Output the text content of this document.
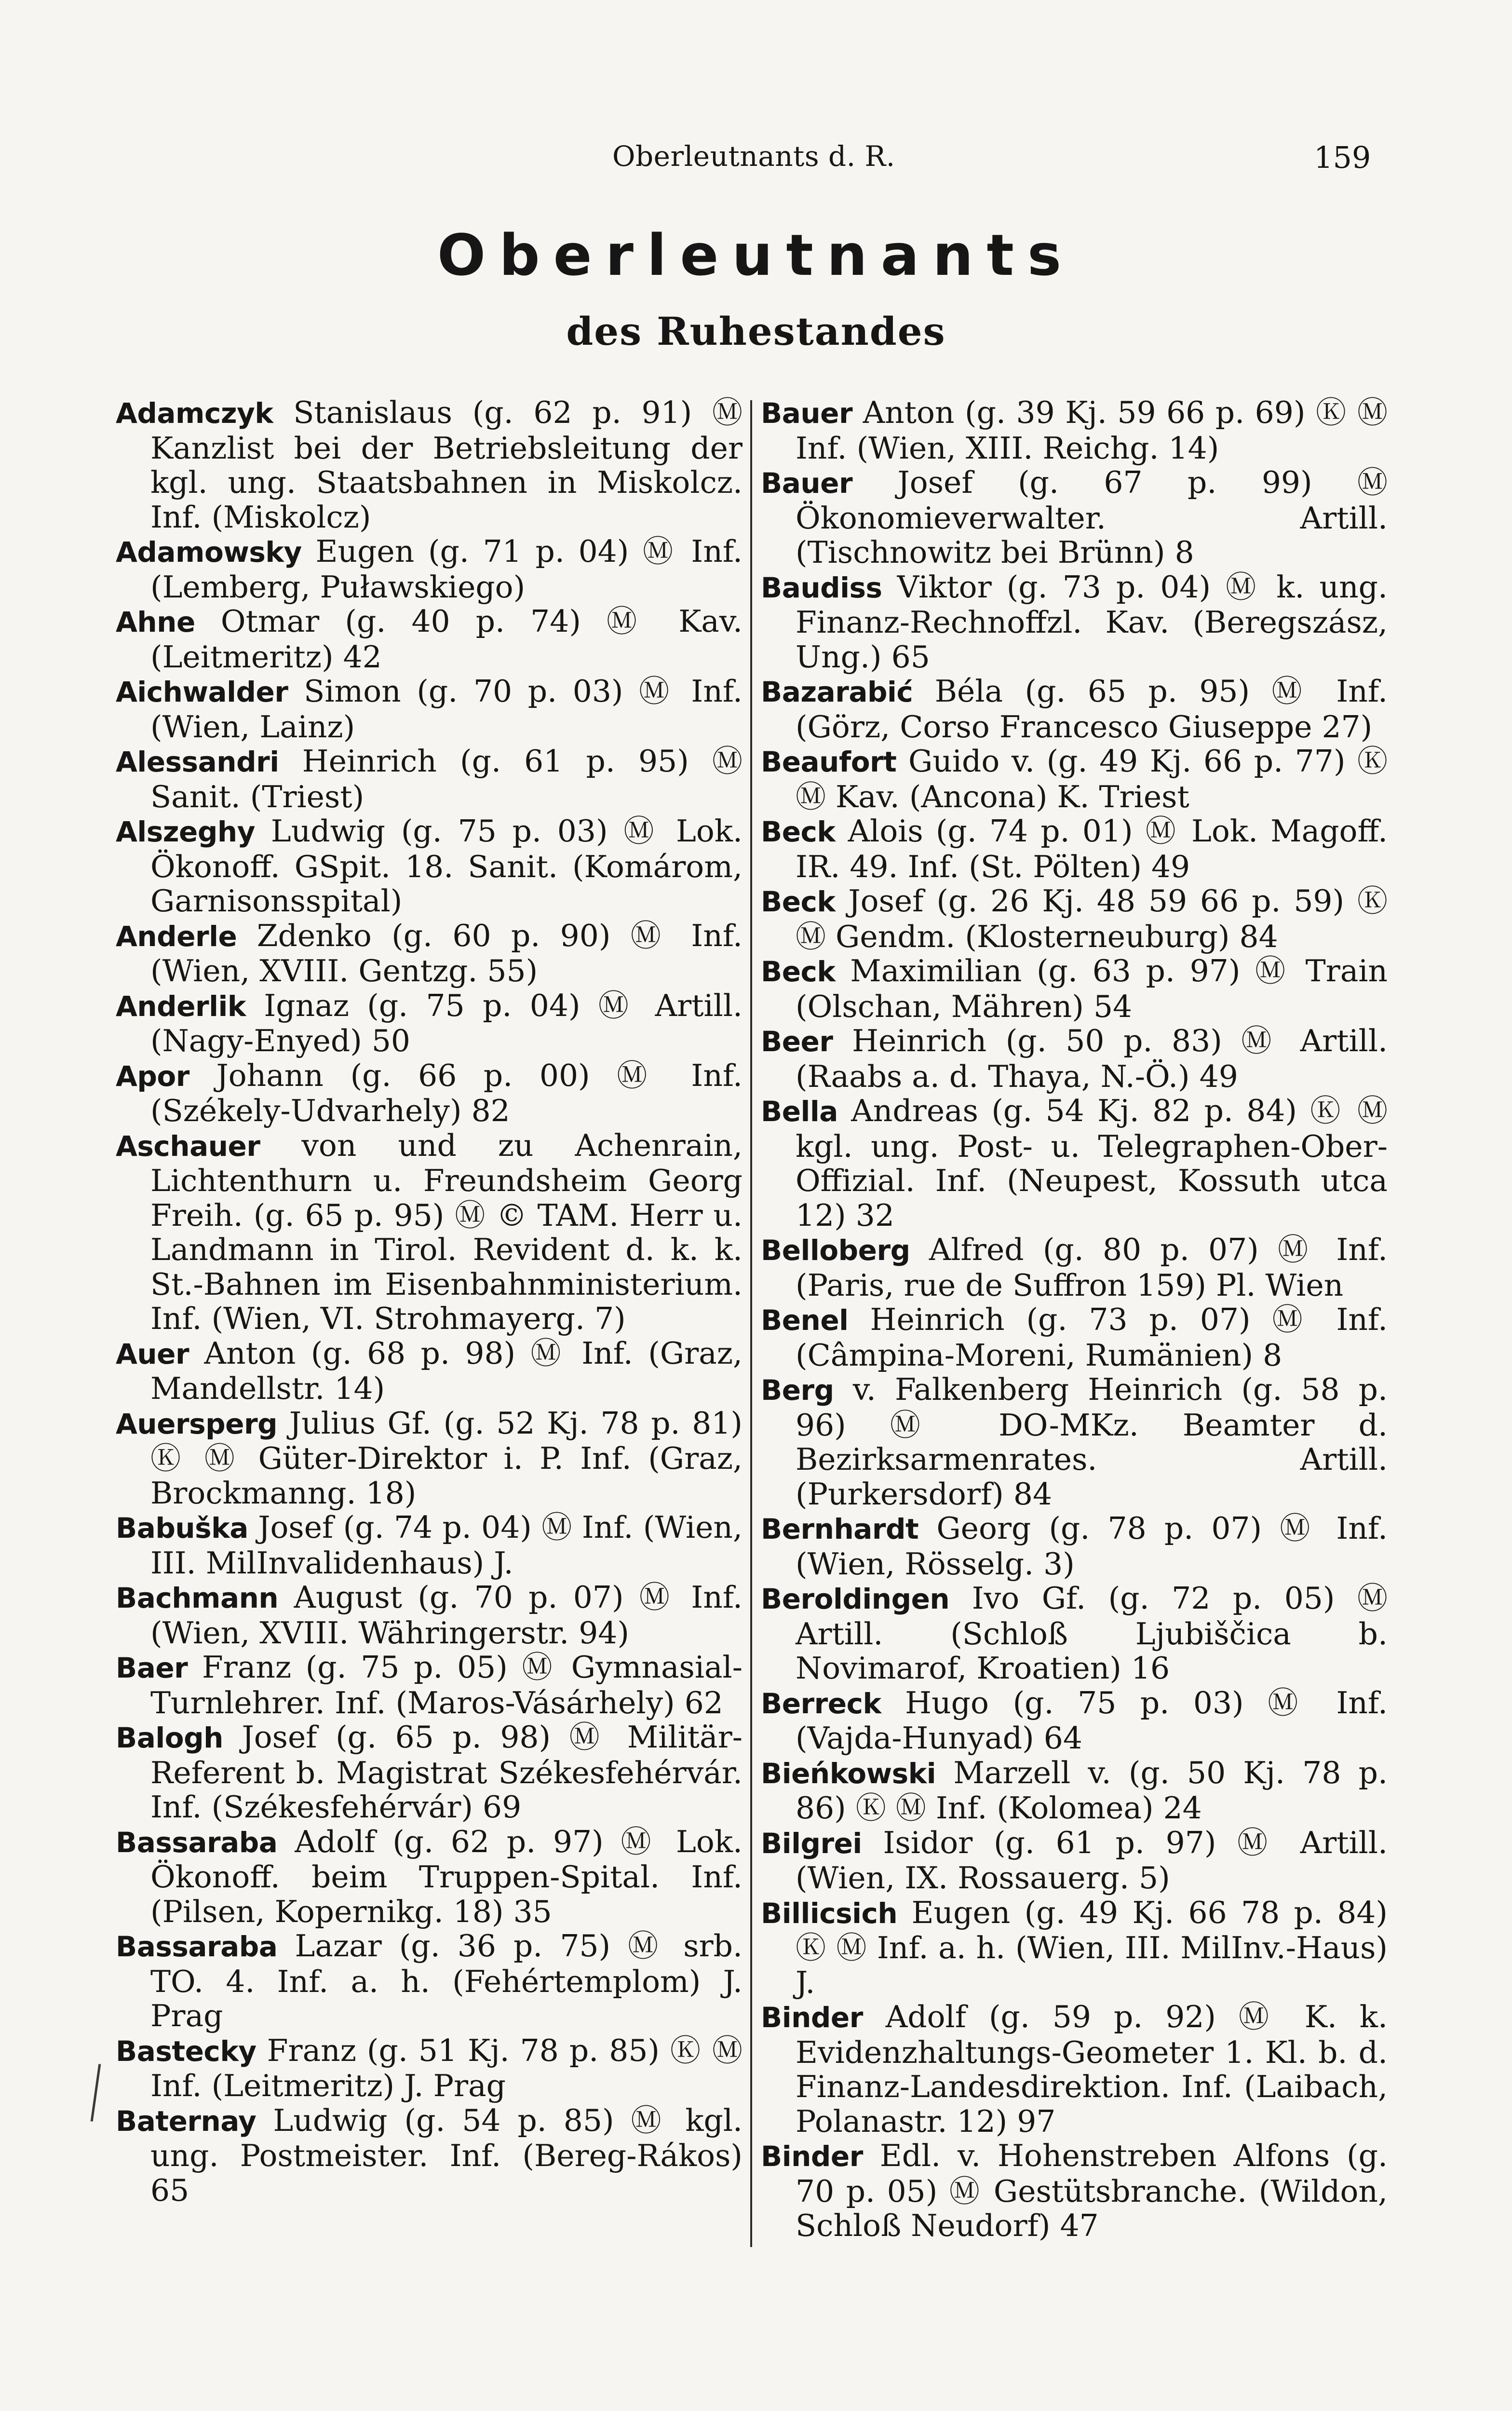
Oberleutnants d. R.	159
Oberleutnants
des Ruhestandes

Adamczyk Stanislaus (g. 62 p. 91) Ⓜ Kanzlist bei der Betriebsleitung der kgl. ung. Staatsbahnen in Miskolcz. Inf. (Miskolcz)

Adamowsky Eugen (g. 71 p. 04) Ⓜ Inf. (Lemberg, Puławskiego)

Ahne Otmar (g. 40 p. 74) Ⓜ Kav. (Leitmeritz) 42

Aichwalder Simon (g. 70 p. 03) Ⓜ Inf. (Wien, Lainz)

Alessandri Heinrich (g. 61 p. 95) Ⓜ Sanit. (Triest)

Alszeghy Ludwig (g. 75 p. 03) Ⓜ Lok. Ökonoff. GSpit. 18. Sanit. (Komárom, Garnisonsspital)

Anderle Zdenko (g. 60 p. 90) Ⓜ Inf. (Wien, XVIII. Gentzg. 55)

Anderlik Ignaz (g. 75 p. 04) Ⓜ Artill. (Nagy-Enyed) 50

Apor Johann (g. 66 p. 00) Ⓜ Inf. (Székely-Udvarhely) 82

Aschauer von und zu Achenrain, Lichtenthurn u. Freundsheim Georg Freih. (g. 65 p. 95) Ⓜ © TAM. Herr u. Landmann in Tirol. Revident d. k. k. St.-Bahnen im Eisenbahnministerium. Inf. (Wien, VI. Strohmayerg. 7)

Auer Anton (g. 68 p. 98) Ⓜ Inf. (Graz, Mandellstr. 14)

Auersperg Julius Gf. (g. 52 Kj. 78 p. 81) Ⓚ Ⓜ Güter-Direktor i. P. Inf. (Graz, Brockmanng. 18)

Babuška Josef (g. 74 p. 04) Ⓜ Inf. (Wien, III. MilInvalidenhaus) J.

Bachmann August (g. 70 p. 07) Ⓜ Inf. (Wien, XVIII. Währingerstr. 94)

Baer Franz (g. 75 p. 05) Ⓜ Gymnasial-Turnlehrer. Inf. (Maros-Vásárhely) 62

Balogh Josef (g. 65 p. 98) Ⓜ Militär-Referent b. Magistrat Székesfehérvár. Inf. (Székesfehérvár) 69

Bassaraba Adolf (g. 62 p. 97) Ⓜ Lok. Ökonoff. beim Truppen-Spital. Inf. (Pilsen, Kopernikg. 18) 35

Bassaraba Lazar (g. 36 p. 75) Ⓜ srb. TO. 4. Inf. a. h. (Fehértemplom) J. Prag

Bastecky Franz (g. 51 Kj. 78 p. 85) Ⓚ Ⓜ Inf. (Leitmeritz) J. Prag

Baternay Ludwig (g. 54 p. 85) Ⓜ kgl. ung. Postmeister. Inf. (Bereg-Rákos) 65

Bauer Anton (g. 39 Kj. 59 66 p. 69) Ⓚ Ⓜ Inf. (Wien, XIII. Reichg. 14)

Bauer Josef (g. 67 p. 99) Ⓜ Ökonomieverwalter. Artill. (Tischnowitz bei Brünn) 8

Baudiss Viktor (g. 73 p. 04) Ⓜ k. ung. Finanz-Rechnoffzl. Kav. (Beregszász, Ung.) 65

Bazarabić Béla (g. 65 p. 95) Ⓜ Inf. (Görz, Corso Francesco Giuseppe 27)

Beaufort Guido v. (g. 49 Kj. 66 p. 77) Ⓚ Ⓜ Kav. (Ancona) K. Triest

Beck Alois (g. 74 p. 01) Ⓜ Lok. Magoff. IR. 49. Inf. (St. Pölten) 49

Beck Josef (g. 26 Kj. 48 59 66 p. 59) Ⓚ Ⓜ Gendm. (Klosterneuburg) 84

Beck Maximilian (g. 63 p. 97) Ⓜ Train (Olschan, Mähren) 54

Beer Heinrich (g. 50 p. 83) Ⓜ Artill. (Raabs a. d. Thaya, N.-Ö.) 49

Bella Andreas (g. 54 Kj. 82 p. 84) Ⓚ Ⓜ kgl. ung. Post- u. Telegraphen-Ober-Offizial. Inf. (Neupest, Kossuth utca 12) 32

Belloberg Alfred (g. 80 p. 07) Ⓜ Inf. (Paris, rue de Suffron 159) Pl. Wien

Benel Heinrich (g. 73 p. 07) Ⓜ Inf. (Câmpina-Moreni, Rumänien) 8

Berg v. Falkenberg Heinrich (g. 58 p. 96) Ⓜ DO-MKz. Beamter d. Bezirksarmenrates. Artill. (Purkersdorf) 84

Bernhardt Georg (g. 78 p. 07) Ⓜ Inf. (Wien, Rösselg. 3)

Beroldingen Ivo Gf. (g. 72 p. 05) Ⓜ Artill. (Schloß Ljubiščica b. Novimarof, Kroatien) 16

Berreck Hugo (g. 75 p. 03) Ⓜ Inf. (Vajda-Hunyad) 64

Bieńkowski Marzell v. (g. 50 Kj. 78 p. 86) Ⓚ Ⓜ Inf. (Kolomea) 24

Bilgrei Isidor (g. 61 p. 97) Ⓜ Artill. (Wien, IX. Rossauerg. 5)

Billicsich Eugen (g. 49 Kj. 66 78 p. 84) Ⓚ Ⓜ Inf. a. h. (Wien, III. MilInv.-Haus) J.

Binder Adolf (g. 59 p. 92) Ⓜ K. k. Evidenzhaltungs-Geometer 1. Kl. b. d. Finanz-Landesdirektion. Inf. (Laibach, Polanastr. 12) 97

Binder Edl. v. Hohenstreben Alfons (g. 70 p. 05) Ⓜ Gestütsbranche. (Wildon, Schloß Neudorf) 47
